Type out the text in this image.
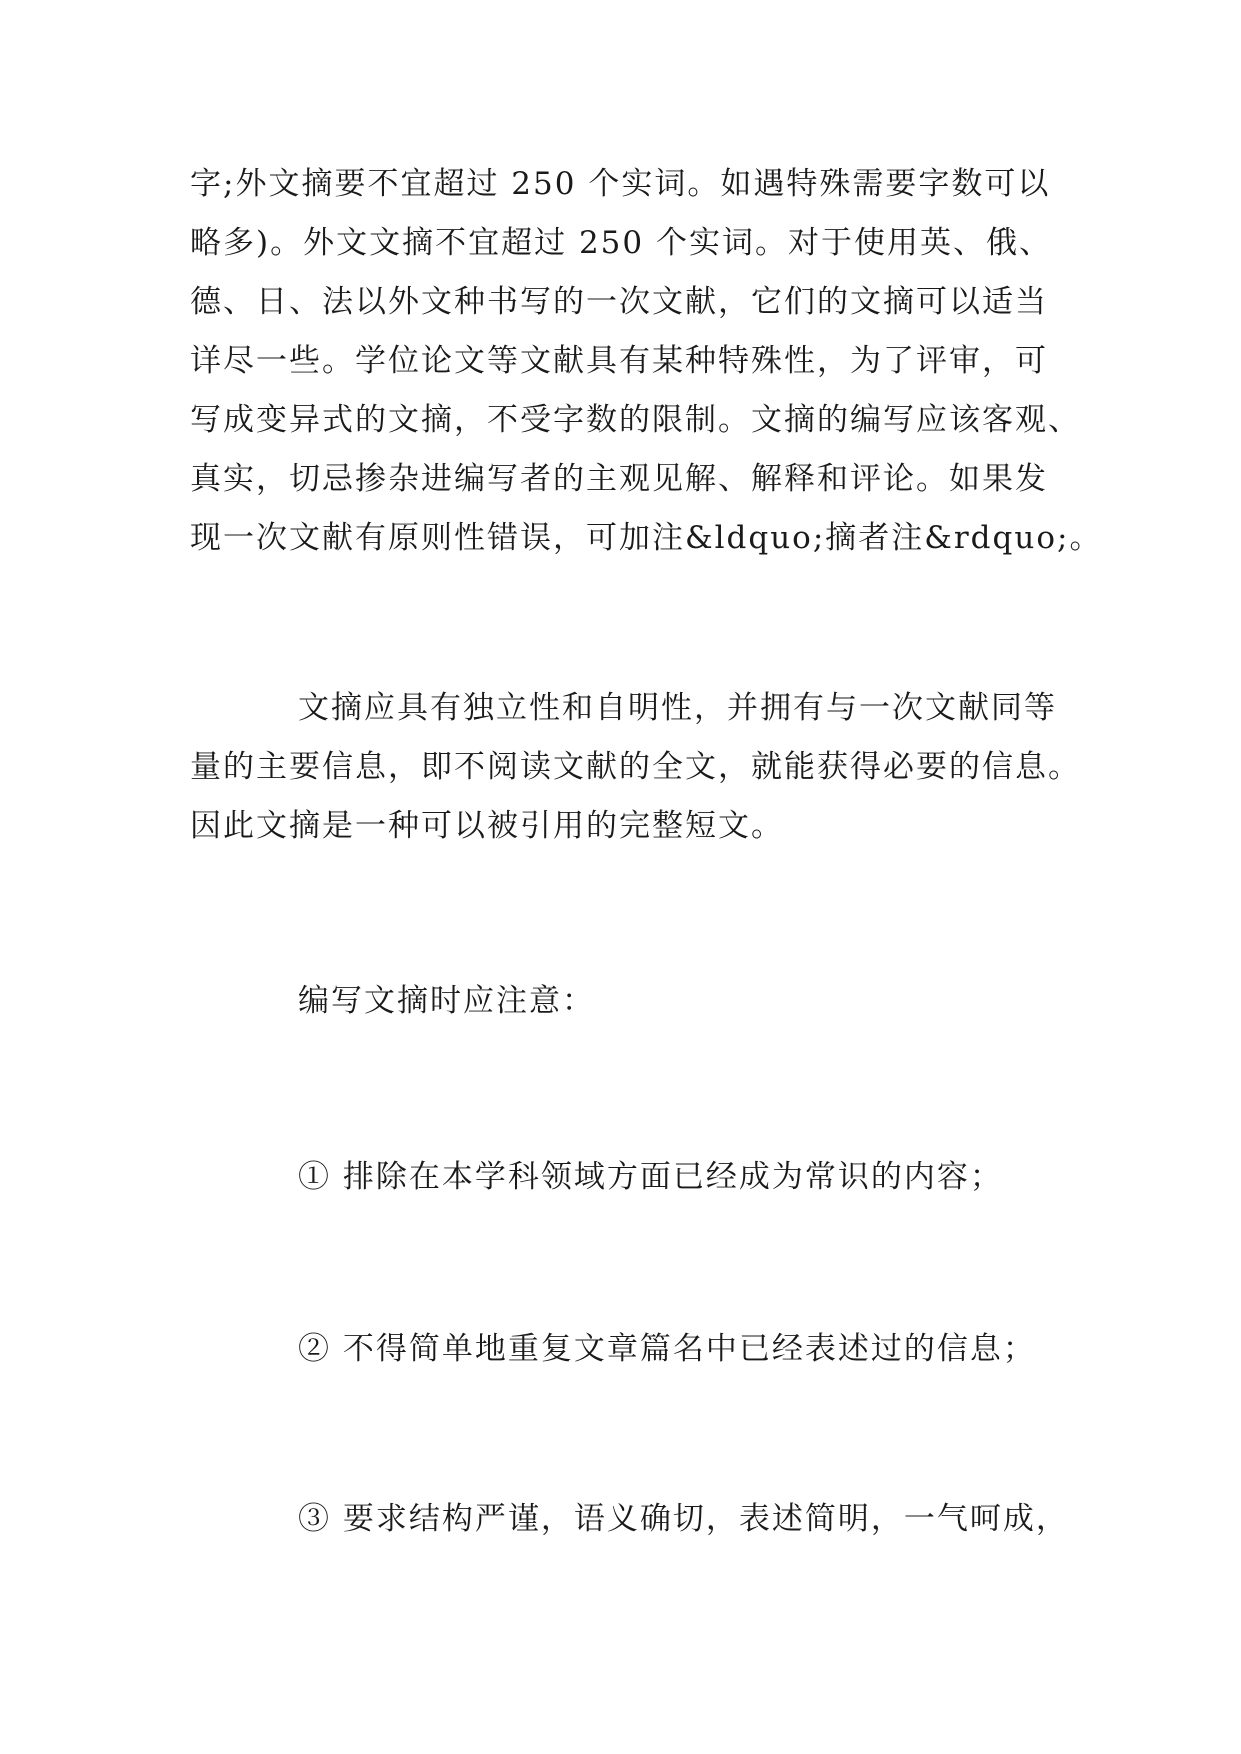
字;外文摘要不宜超过 250 个实词。如遇特殊需要字数可以
略多)。外文文摘不宜超过 250 个实词。对于使用英、俄、
德、日、法以外文种书写的一次文献，它们的文摘可以适当
详尽一些。学位论文等文献具有某种特殊性，为了评审，可
写成变异式的文摘，不受字数的限制。文摘的编写应该客观、
真实，切忌掺杂进编写者的主观见解、解释和评论。如果发
现一次文献有原则性错误，可加注&ldquo;摘者注&rdquo;。
文摘应具有独立性和自明性，并拥有与一次文献同等
量的主要信息，即不阅读文献的全文，就能获得必要的信息。
因此文摘是一种可以被引用的完整短文。
编写文摘时应注意：
① 排除在本学科领域方面已经成为常识的内容；
② 不得简单地重复文章篇名中已经表述过的信息；
③ 要求结构严谨，语义确切，表述简明，一气呵成，
